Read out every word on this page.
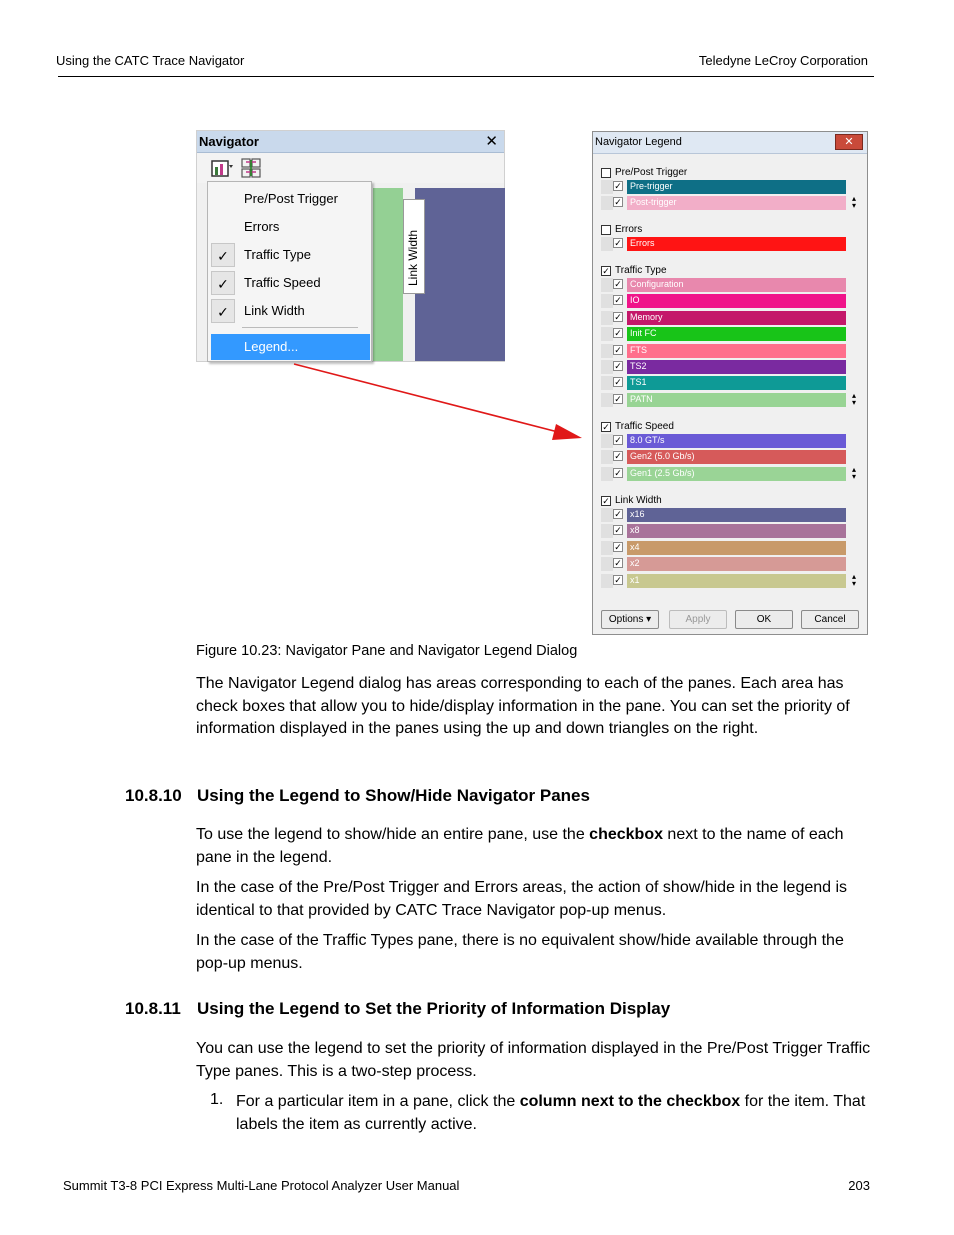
Using the CATC Trace Navigator	Teledyne LeCroy Corporation
Navigator	✕
Link Width
Pre/Post Trigger
Errors
✓	Traffic Type
✓	Traffic Speed
✓	Link Width
Legend...
Navigator Legend	✕
Pre/Post Trigger
✓ Pre-trigger
✓ Post-trigger	▴
▾
Errors
✓ Errors
✓ Traffic Type
✓ Configuration
✓ IO
✓ Memory
✓ Init FC
✓ FTS
✓ TS2
✓ TS1
✓ PATN	▴
▾
✓ Traffic Speed
✓ 8.0 GT/s
✓ Gen2 (5.0 Gb/s)
✓ Gen1 (2.5 Gb/s)	▴
▾
✓ Link Width
✓ x16
✓ x8
✓ x4
✓ x2
✓ x1	▴
▾
Options ▾	Apply	OK	Cancel
Figure 10.23: Navigator Pane and Navigator Legend Dialog
The Navigator Legend dialog has areas corresponding to each of the panes. Each area has check boxes that allow you to hide/display information in the pane. You can set the priority of information displayed in the panes using the up and down triangles on the right.
10.8.10 Using the Legend to Show/Hide Navigator Panes
To use the legend to show/hide an entire pane, use the checkbox next to the name of each pane in the legend.
In the case of the Pre/Post Trigger and Errors areas, the action of show/hide in the legend is identical to that provided by CATC Trace Navigator pop-up menus.
In the case of the Traffic Types pane, there is no equivalent show/hide available through the pop-up menus.
10.8.11 Using the Legend to Set the Priority of Information Display
You can use the legend to set the priority of information displayed in the Pre/Post Trigger Traffic Type panes. This is a two-step process.
1. For a particular item in a pane, click the column next to the checkbox for the item. That labels the item as currently active.
Summit T3-8 PCI Express Multi-Lane Protocol Analyzer User Manual	203
